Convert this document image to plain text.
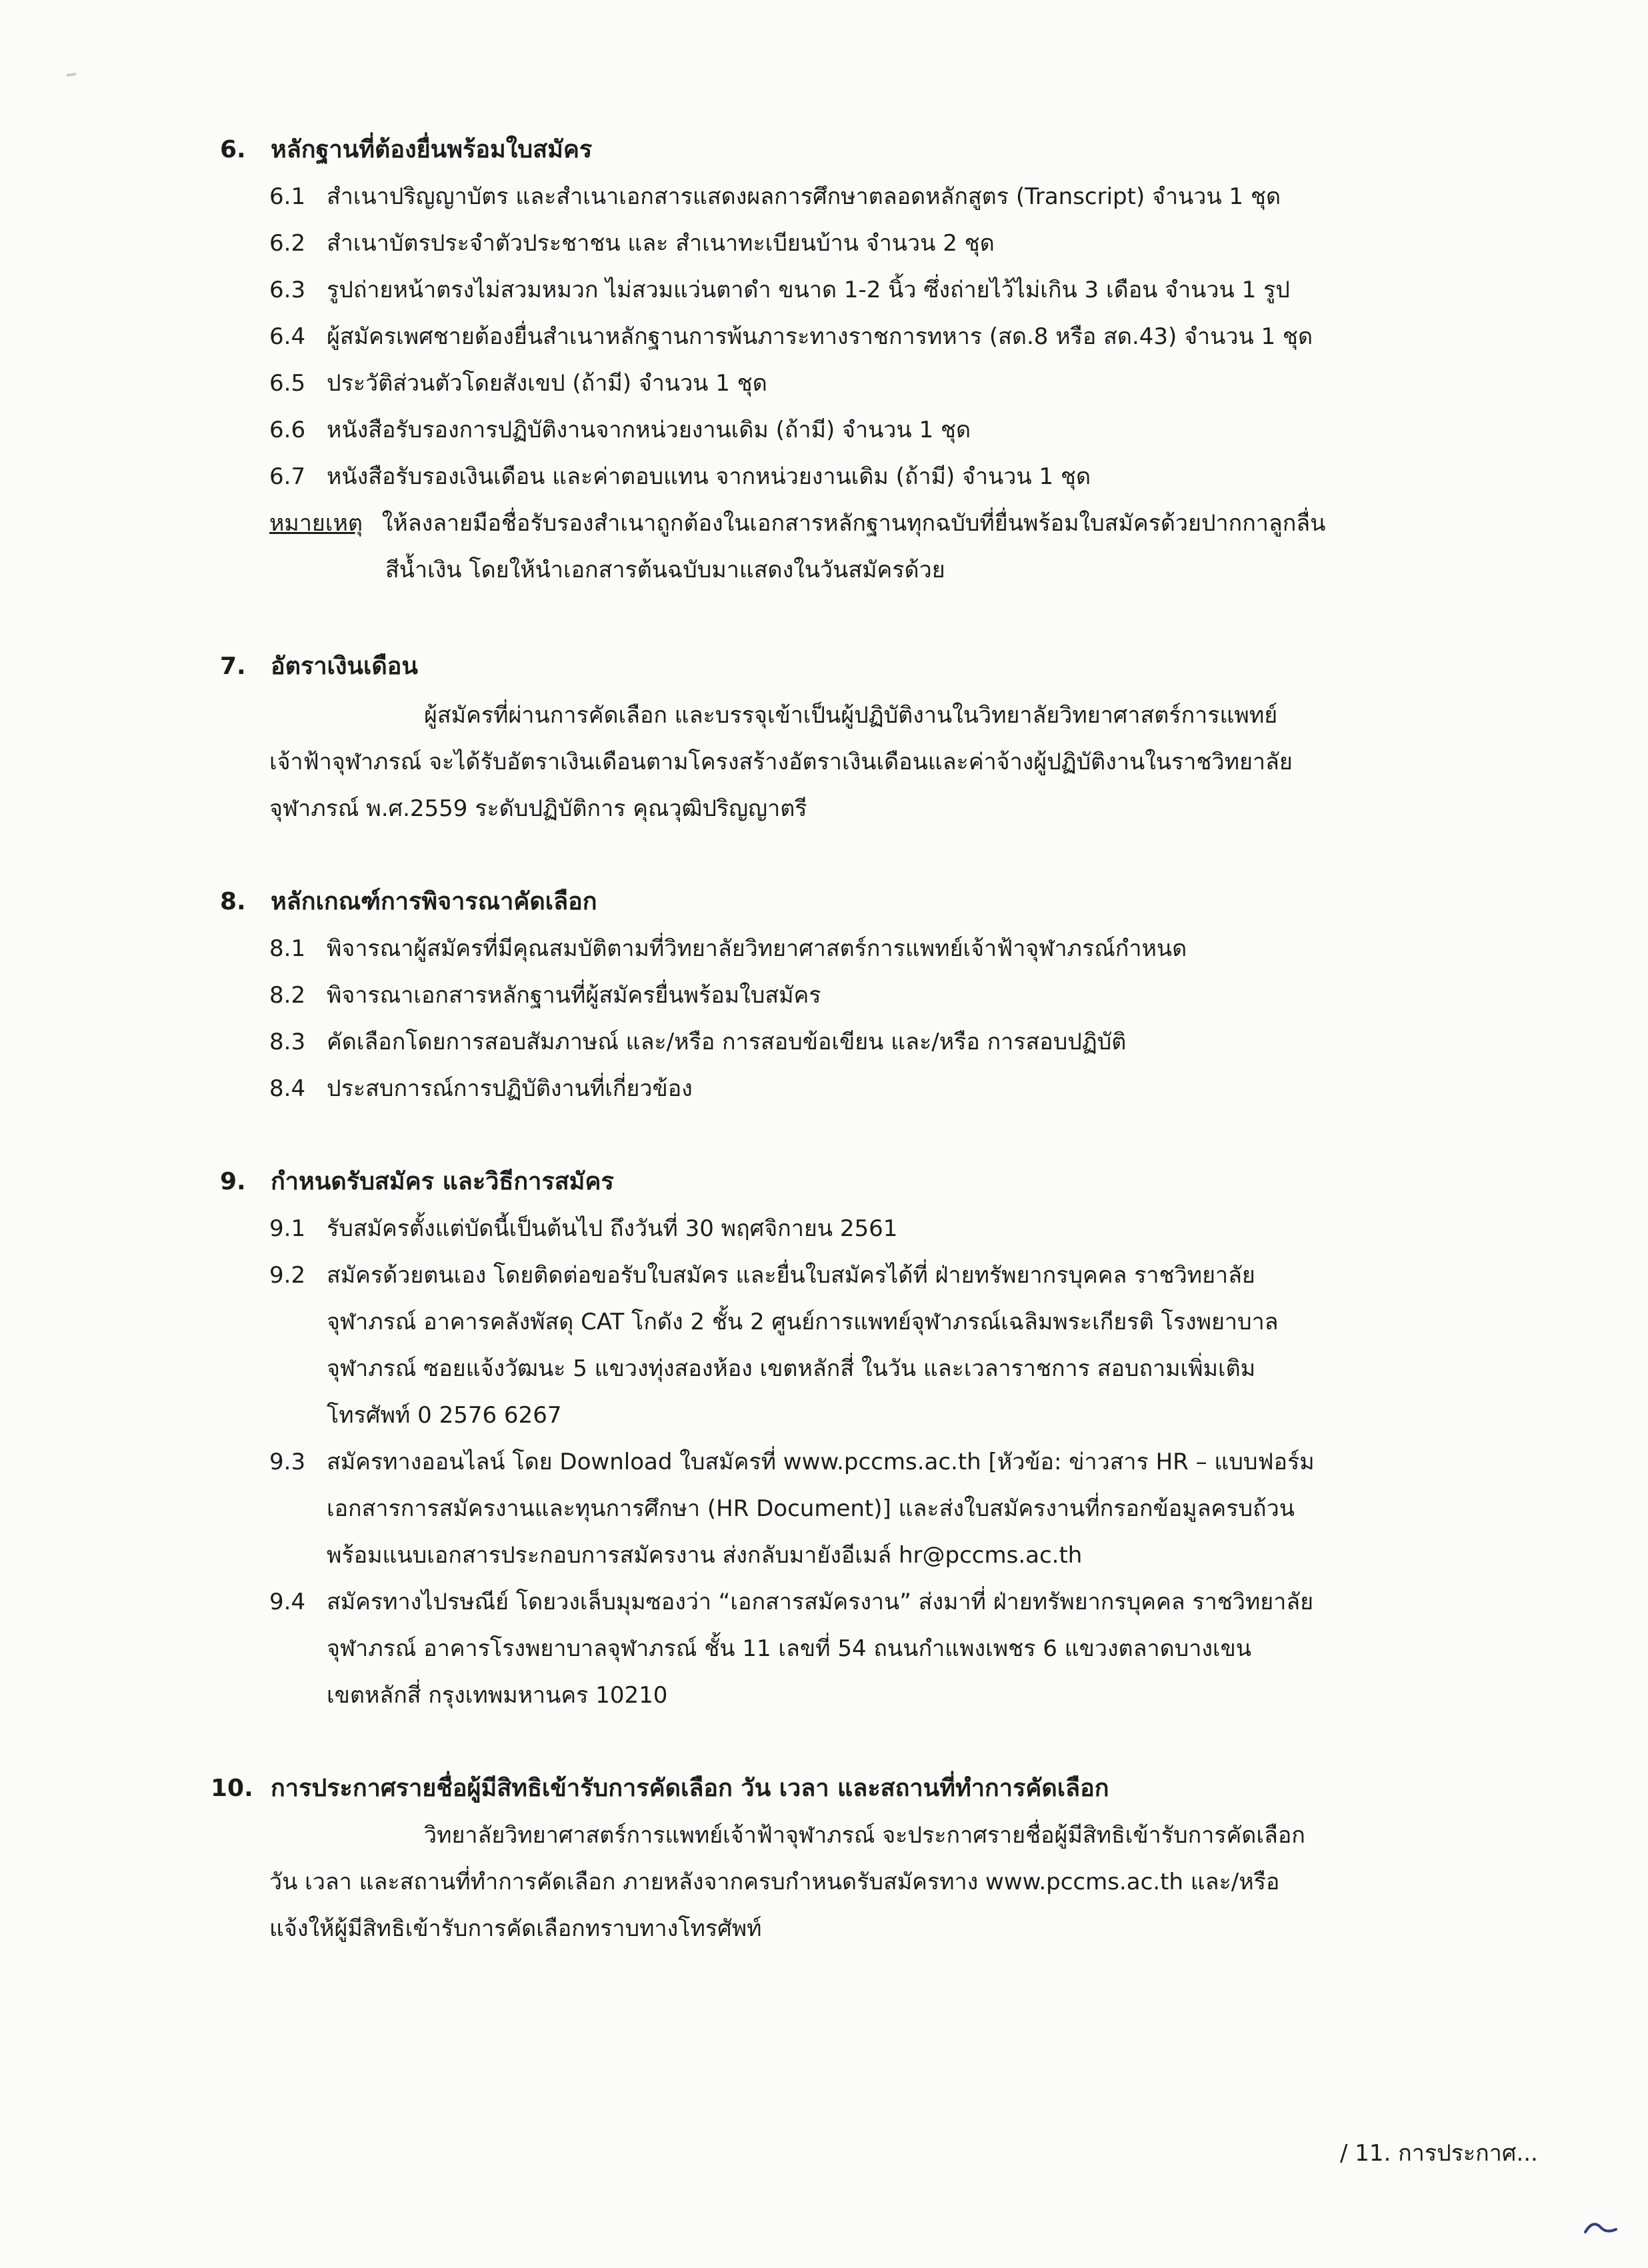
6. หลักฐานที่ต้องยื่นพร้อมใบสมัคร
6.1 สำเนาปริญญาบัตร และสำเนาเอกสารแสดงผลการศึกษาตลอดหลักสูตร (Transcript) จำนวน 1 ชุด
6.2 สำเนาบัตรประจำตัวประชาชน และ สำเนาทะเบียนบ้าน จำนวน 2 ชุด
6.3 รูปถ่ายหน้าตรงไม่สวมหมวก ไม่สวมแว่นตาดำ ขนาด 1-2 นิ้ว ซึ่งถ่ายไว้ไม่เกิน 3 เดือน จำนวน 1 รูป
6.4 ผู้สมัครเพศชายต้องยื่นสำเนาหลักฐานการพ้นภาระทางราชการทหาร (สด.8 หรือ สด.43) จำนวน 1 ชุด
6.5 ประวัติส่วนตัวโดยสังเขป (ถ้ามี) จำนวน 1 ชุด
6.6 หนังสือรับรองการปฏิบัติงานจากหน่วยงานเดิม (ถ้ามี) จำนวน 1 ชุด
6.7 หนังสือรับรองเงินเดือน และค่าตอบแทน จากหน่วยงานเดิม (ถ้ามี) จำนวน 1 ชุด
หมายเหตุ ให้ลงลายมือชื่อรับรองสำเนาถูกต้องในเอกสารหลักฐานทุกฉบับที่ยื่นพร้อมใบสมัครด้วยปากกาลูกลื่น
สีน้ำเงิน โดยให้นำเอกสารต้นฉบับมาแสดงในวันสมัครด้วย
7. อัตราเงินเดือน
ผู้สมัครที่ผ่านการคัดเลือก และบรรจุเข้าเป็นผู้ปฏิบัติงานในวิทยาลัยวิทยาศาสตร์การแพทย์
เจ้าฟ้าจุฬาภรณ์ จะได้รับอัตราเงินเดือนตามโครงสร้างอัตราเงินเดือนและค่าจ้างผู้ปฏิบัติงานในราชวิทยาลัย
จุฬาภรณ์ พ.ศ.2559 ระดับปฏิบัติการ คุณวุฒิปริญญาตรี
8. หลักเกณฑ์การพิจารณาคัดเลือก
8.1 พิจารณาผู้สมัครที่มีคุณสมบัติตามที่วิทยาลัยวิทยาศาสตร์การแพทย์เจ้าฟ้าจุฬาภรณ์กำหนด
8.2 พิจารณาเอกสารหลักฐานที่ผู้สมัครยื่นพร้อมใบสมัคร
8.3 คัดเลือกโดยการสอบสัมภาษณ์ และ/หรือ การสอบข้อเขียน และ/หรือ การสอบปฏิบัติ
8.4 ประสบการณ์การปฏิบัติงานที่เกี่ยวข้อง
9. กำหนดรับสมัคร และวิธีการสมัคร
9.1 รับสมัครตั้งแต่บัดนี้เป็นต้นไป ถึงวันที่ 30 พฤศจิกายน 2561
9.2 สมัครด้วยตนเอง โดยติดต่อขอรับใบสมัคร และยื่นใบสมัครได้ที่ ฝ่ายทรัพยากรบุคคล ราชวิทยาลัย
จุฬาภรณ์ อาคารคลังพัสดุ CAT โกดัง 2 ชั้น 2 ศูนย์การแพทย์จุฬาภรณ์เฉลิมพระเกียรติ โรงพยาบาล
จุฬาภรณ์ ซอยแจ้งวัฒนะ 5 แขวงทุ่งสองห้อง เขตหลักสี่ ในวัน และเวลาราชการ สอบถามเพิ่มเติม
โทรศัพท์ 0 2576 6267
9.3 สมัครทางออนไลน์ โดย Download ใบสมัครที่ www.pccms.ac.th [หัวข้อ: ข่าวสาร HR – แบบฟอร์ม
เอกสารการสมัครงานและทุนการศึกษา (HR Document)] และส่งใบสมัครงานที่กรอกข้อมูลครบถ้วน
พร้อมแนบเอกสารประกอบการสมัครงาน ส่งกลับมายังอีเมล์ hr@pccms.ac.th
9.4 สมัครทางไปรษณีย์ โดยวงเล็บมุมซองว่า “เอกสารสมัครงาน” ส่งมาที่ ฝ่ายทรัพยากรบุคคล ราชวิทยาลัย
จุฬาภรณ์ อาคารโรงพยาบาลจุฬาภรณ์ ชั้น 11 เลขที่ 54 ถนนกำแพงเพชร 6 แขวงตลาดบางเขน
เขตหลักสี่ กรุงเทพมหานคร 10210
10. การประกาศรายชื่อผู้มีสิทธิเข้ารับการคัดเลือก วัน เวลา และสถานที่ทำการคัดเลือก
วิทยาลัยวิทยาศาสตร์การแพทย์เจ้าฟ้าจุฬาภรณ์ จะประกาศรายชื่อผู้มีสิทธิเข้ารับการคัดเลือก
วัน เวลา และสถานที่ทำการคัดเลือก ภายหลังจากครบกำหนดรับสมัครทาง www.pccms.ac.th และ/หรือ
แจ้งให้ผู้มีสิทธิเข้ารับการคัดเลือกทราบทางโทรศัพท์
/ 11. การประกาศ...
